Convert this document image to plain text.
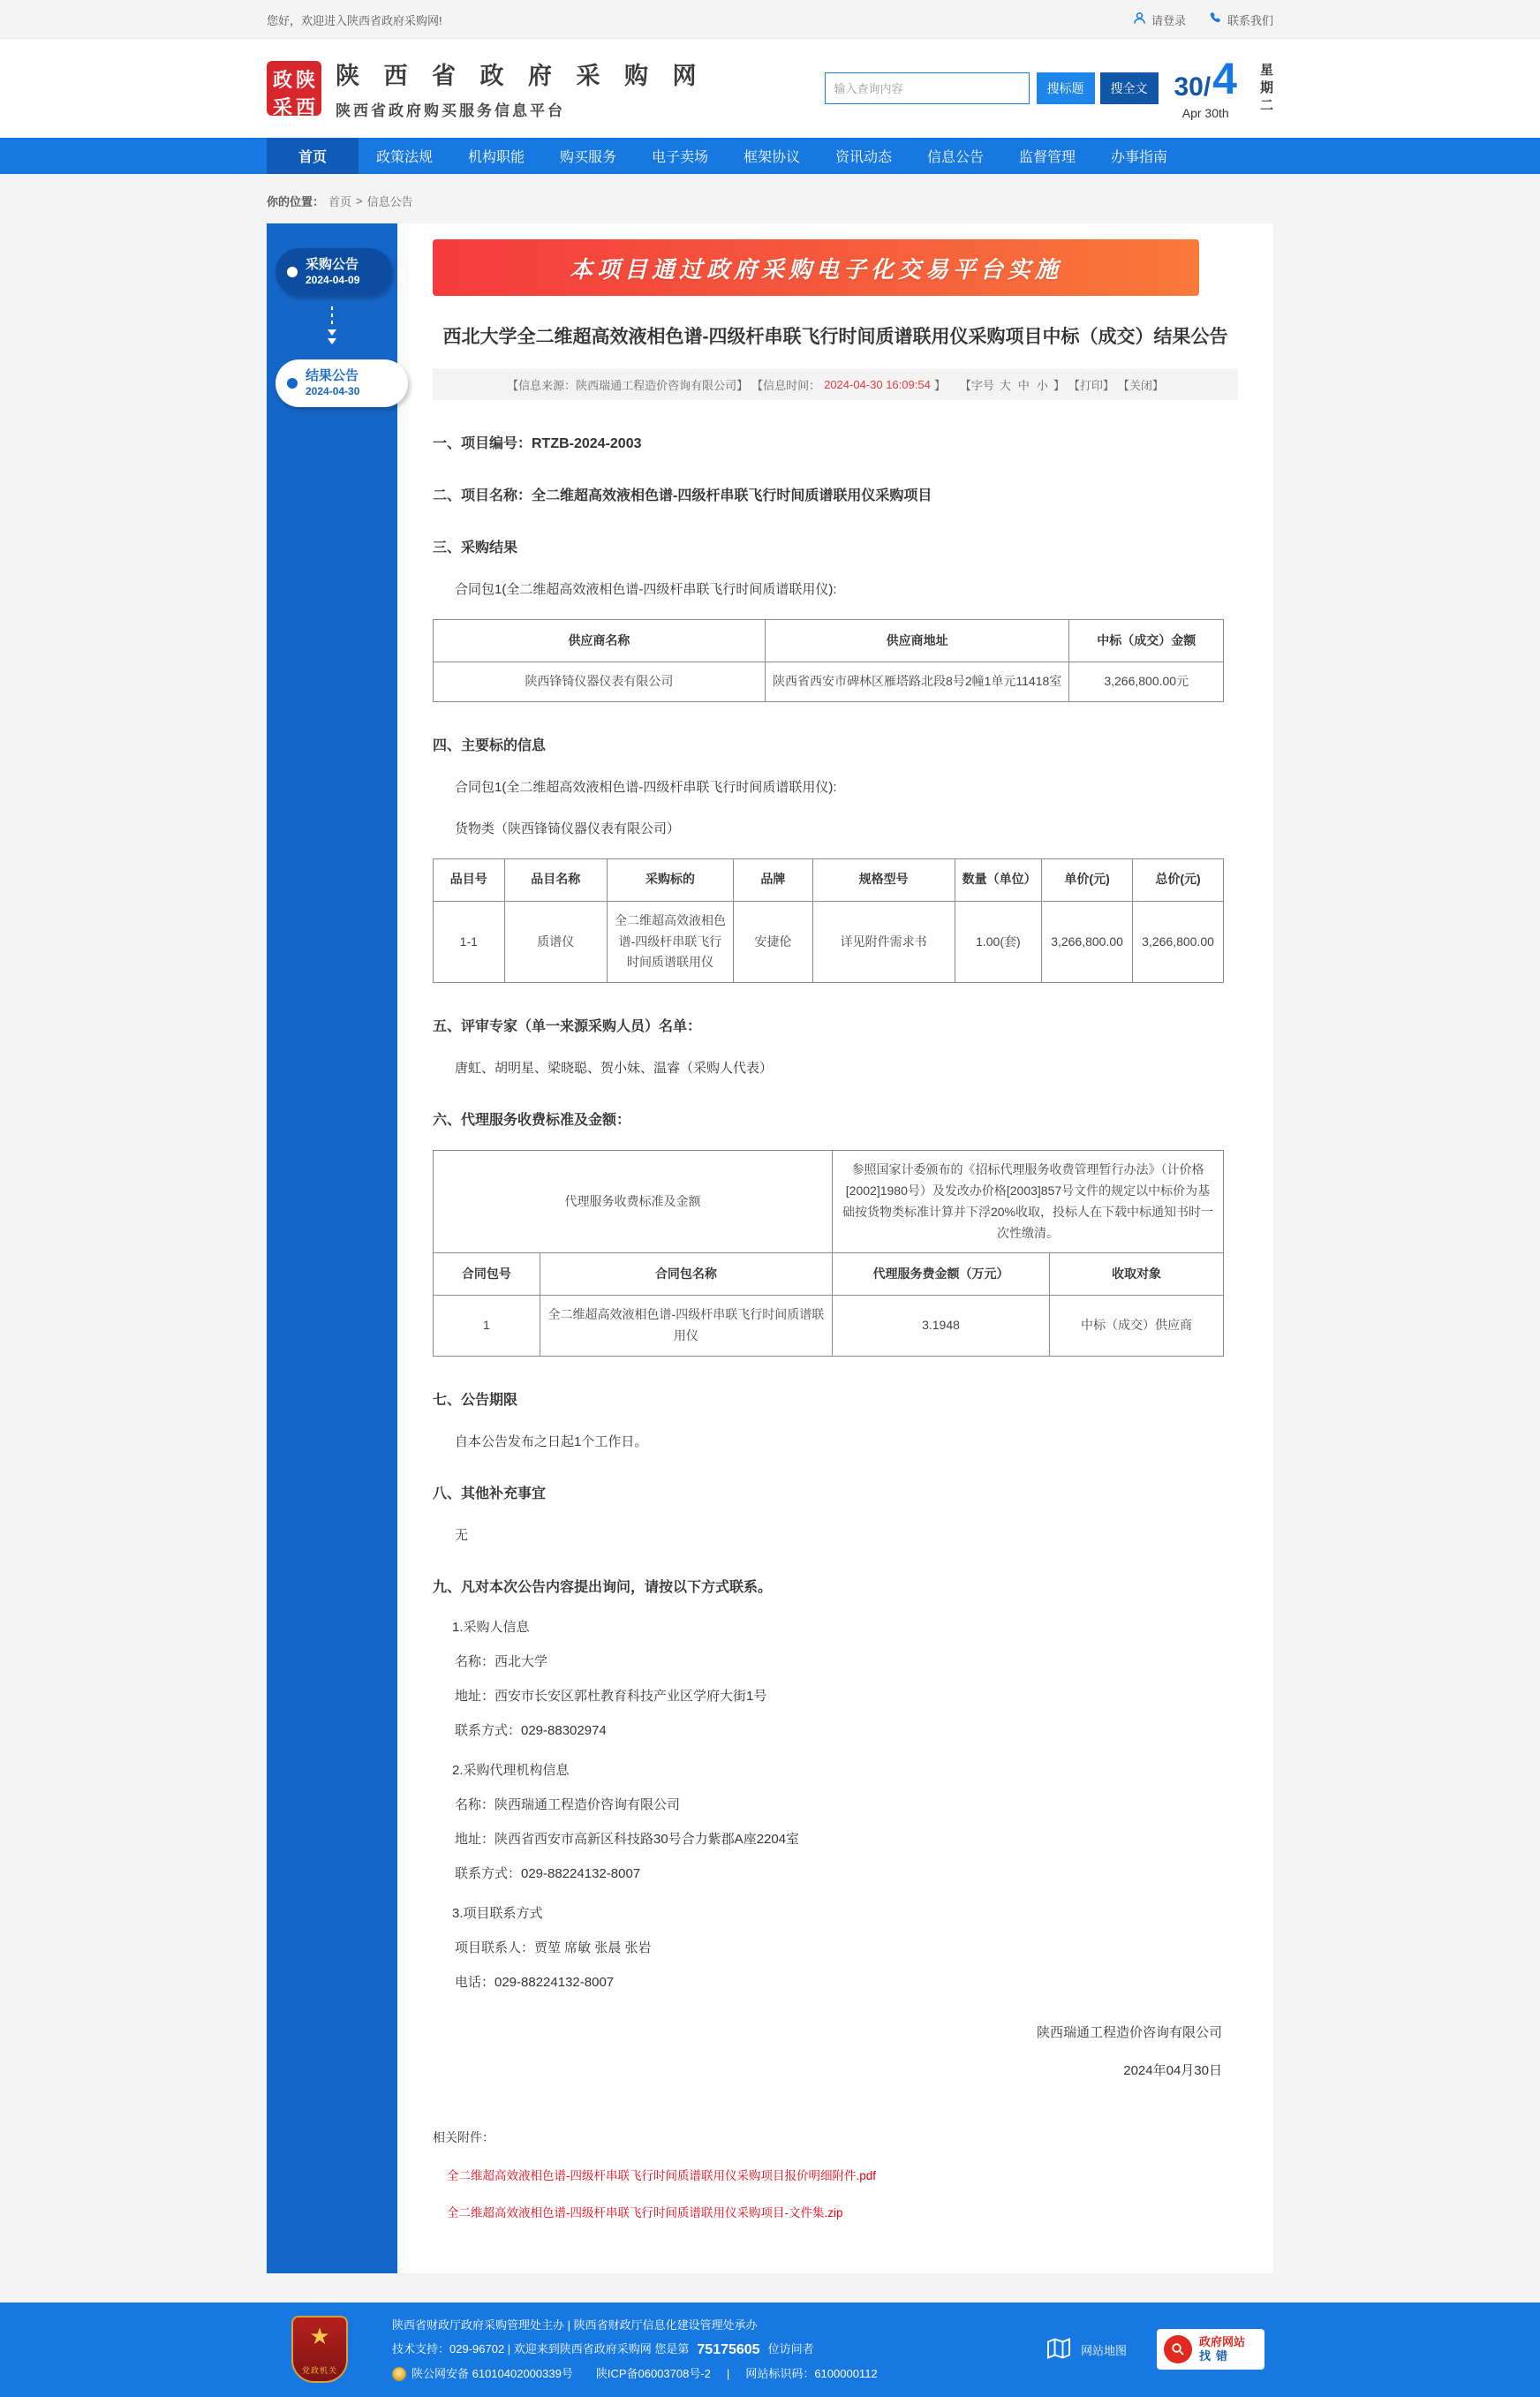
您好，欢迎进入陕西省政府采购网!	请登录	联系我们
政 陕
采 西
陕 西 省 政 府 采 购 网
陕西省政府购买服务信息平台
输入查询内容
搜标题	搜全文 30/ 4
Apr 30th
星
期
二
首页	政策法规	机构职能	购买服务	电子卖场	框架协议	资讯动态	信息公告	监督管理	办事指南
你的位置： 首页 > 信息公告
采购公告
2024-04-09
结果公告
2024-04-30
本项目通过政府采购电子化交易平台实施
西北大学全二维超高效液相色谱-四级杆串联飞行时间质谱联用仪采购项目中标（成交）结果公告
【信息来源：陕西瑞通工程造价咨询有限公司】 【信息时间： 2024-04-30 16:09:54 】 【字号 大 中 小 】 【打印】 【关闭】
一、项目编号：RTZB-2024-2003
二、项目名称：全二维超高效液相色谱-四级杆串联飞行时间质谱联用仪采购项目
三、采购结果
合同包1(全二维超高效液相色谱-四级杆串联飞行时间质谱联用仪):
供应商名称	供应商地址	中标（成交）金额
陕西锋锜仪器仪表有限公司	陕西省西安市碑林区雁塔路北段8号2幢1单元11418室	3,266,800.00元
四、主要标的信息
合同包1(全二维超高效液相色谱-四级杆串联飞行时间质谱联用仪):
货物类（陕西锋锜仪器仪表有限公司）
品目号	品目名称	采购标的	品牌	规格型号	数量（单位）	单价(元)	总价(元)
1-1	质谱仪	全二维超高效液相色谱-四级杆串联飞行时间质谱联用仪	安捷伦	详见附件需求书	1.00(套)	3,266,800.00	3,266,800.00
五、评审专家（单一来源采购人员）名单：
唐虹、胡明星、梁晓聪、贺小妹、温睿（采购人代表）
六、代理服务收费标准及金额：
代理服务收费标准及金额		参照国家计委颁布的《招标代理服务收费管理暂行办法》（计价格[2002]1980号）及发改办价格[2003]857号文件的规定以中标价为基础按货物类标准计算并下浮20%收取，投标人在下载中标通知书时一次性缴清。	
合同包号	合同包名称	代理服务费金额（万元）	收取对象
1	全二维超高效液相色谱-四级杆串联飞行时间质谱联用仪	3.1948	中标（成交）供应商
七、公告期限
自本公告发布之日起1个工作日。
八、其他补充事宜
无
九、凡对本次公告内容提出询问，请按以下方式联系。
1.采购人信息
名称：西北大学
地址：西安市长安区郭杜教育科技产业区学府大街1号
联系方式：029-88302974
2.采购代理机构信息
名称：陕西瑞通工程造价咨询有限公司
地址：陕西省西安市高新区科技路30号合力紫郡A座2204室
联系方式：029-88224132-8007
3.项目联系方式
项目联系人：贾堃 席敏 张晨 张岩
电话：029-88224132-8007
陕西瑞通工程造价咨询有限公司
2024年04月30日
相关附件：
全二维超高效液相色谱-四级杆串联飞行时间质谱联用仪采购项目报价明细附件.pdf
全二维超高效液相色谱-四级杆串联飞行时间质谱联用仪采购项目-文件集.zip
★
党政机关
陕西省财政厅政府采购管理处主办 | 陕西省财政厅信息化建设管理处承办
技术支持：029-96702 | 欢迎来到陕西省政府采购网 您是第 75175605 位访问者
陕公网安备 61010402000339号 陕ICP备06003708号-2 | 网站标识码：6100000112
网站地图
政府网站
找错
